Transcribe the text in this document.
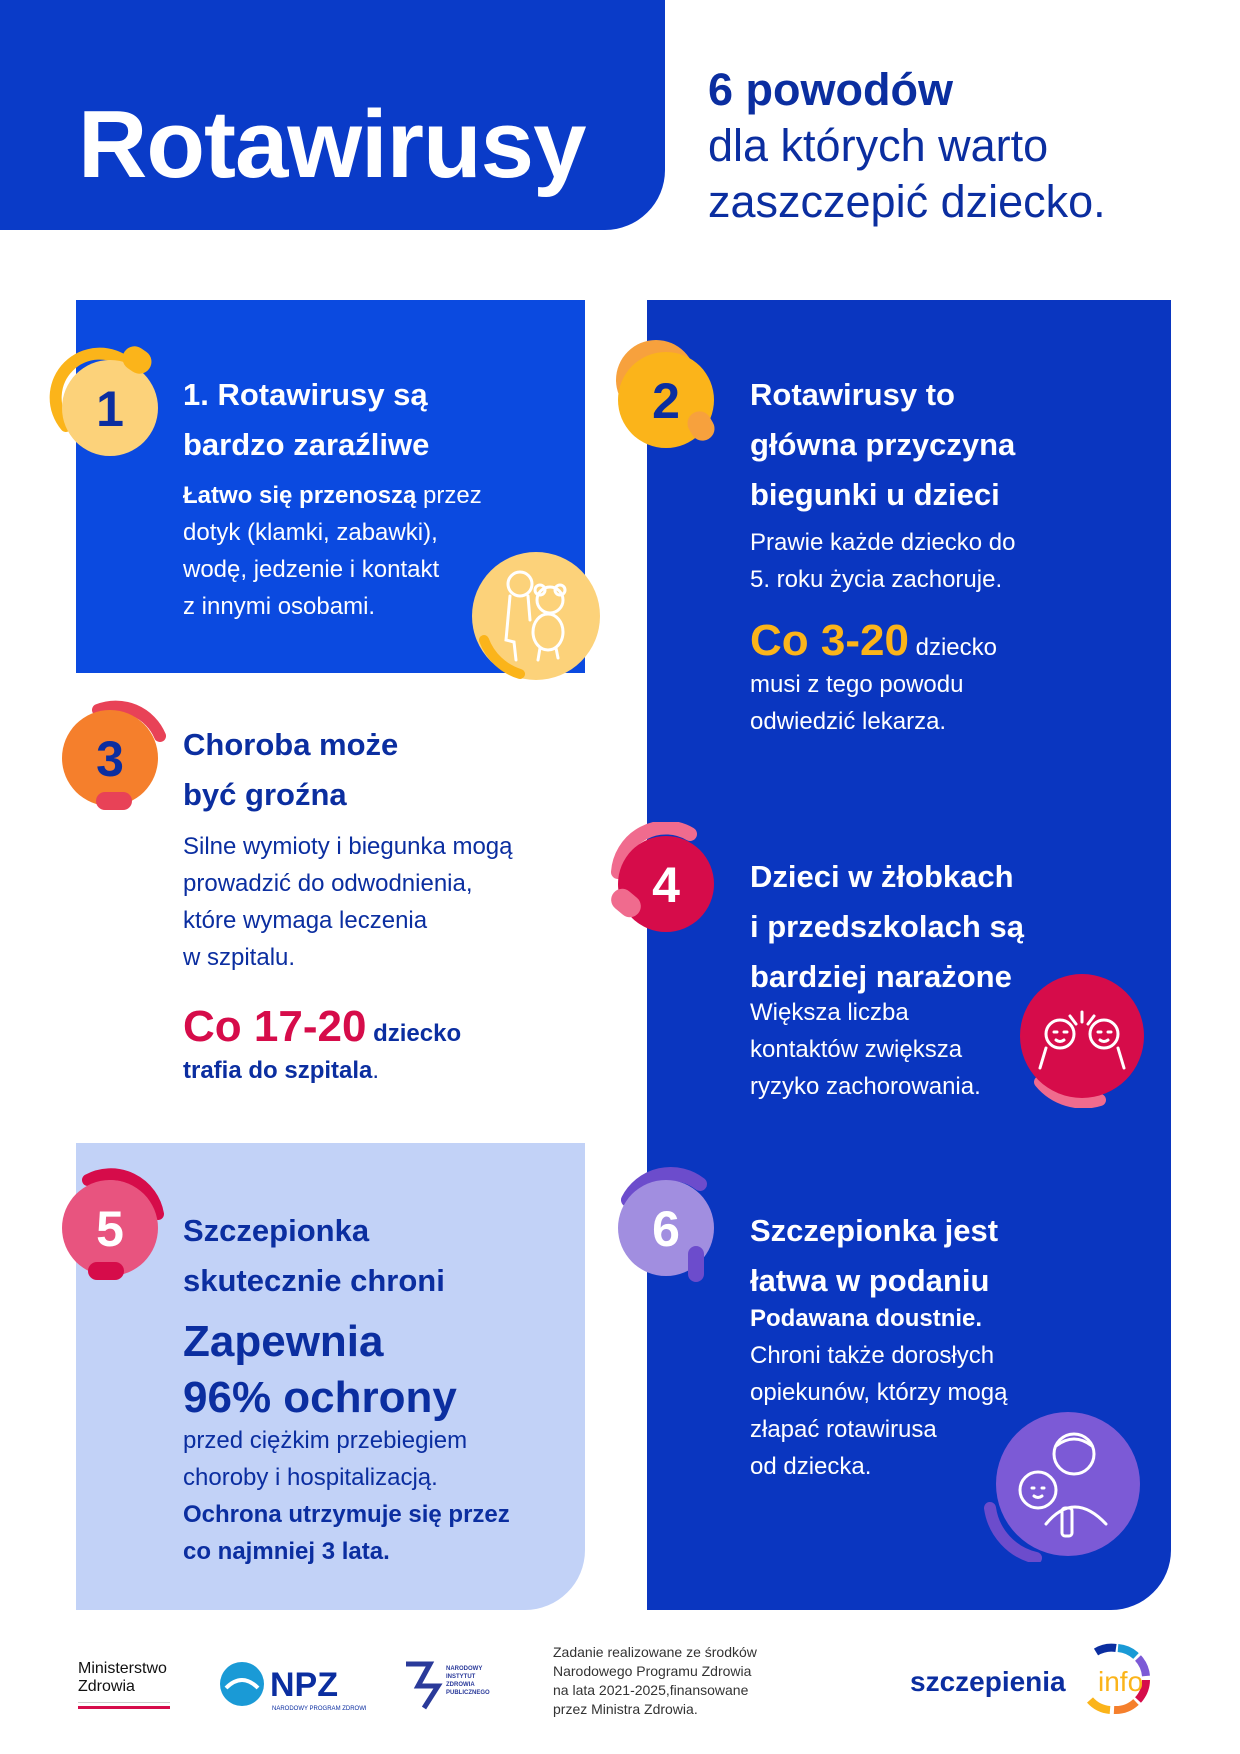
Rotawirusy
6 powodów
dla których warto
zaszczepić dziecko.
1 1. Rotawirusy są
bardzo zaraźliwe
Łatwo się przenoszą przez
dotyk (klamki, zabawki),
wodę, jedzenie i kontakt
z innymi osobami.
2 Rotawirusy to
główna przyczyna
biegunki u dzieci
Prawie każde dziecko do
5. roku życia zachoruje.
Co 3-20 dziecko
musi z tego powodu
odwiedzić lekarza.
3 Choroba może
być groźna
Silne wymioty i biegunka mogą
prowadzić do odwodnienia,
które wymaga leczenia
w szpitalu.
Co 17-20 dziecko
trafia do szpitala.
4 Dzieci w żłobkach
i przedszkolach są
bardziej narażone
Większa liczba
kontaktów zwiększa
ryzyko zachorowania.
5 Szczepionka
skutecznie chroni
Zapewnia
96% ochrony
przed ciężkim przebiegiem
choroby i hospitalizacją.
Ochrona utrzymuje się przez
co najmniej 3 lata.
6 Szczepionka jest
łatwa w podaniu
Podawana doustnie.
Chroni także dorosłych
opiekunów, którzy mogą
złapać rotawirusa
od dziecka.
Ministerstwo
Zdrowia	NPZ
NARODOWY PROGRAM ZDROWIA
NARODOWY
INSTYTUT
ZDROWIA
PUBLICZNEGO
Zadanie realizowane ze środków
Narodowego Programu Zdrowia
na lata 2021-2025,finansowane
przez Ministra Zdrowia.
szczepienia info
